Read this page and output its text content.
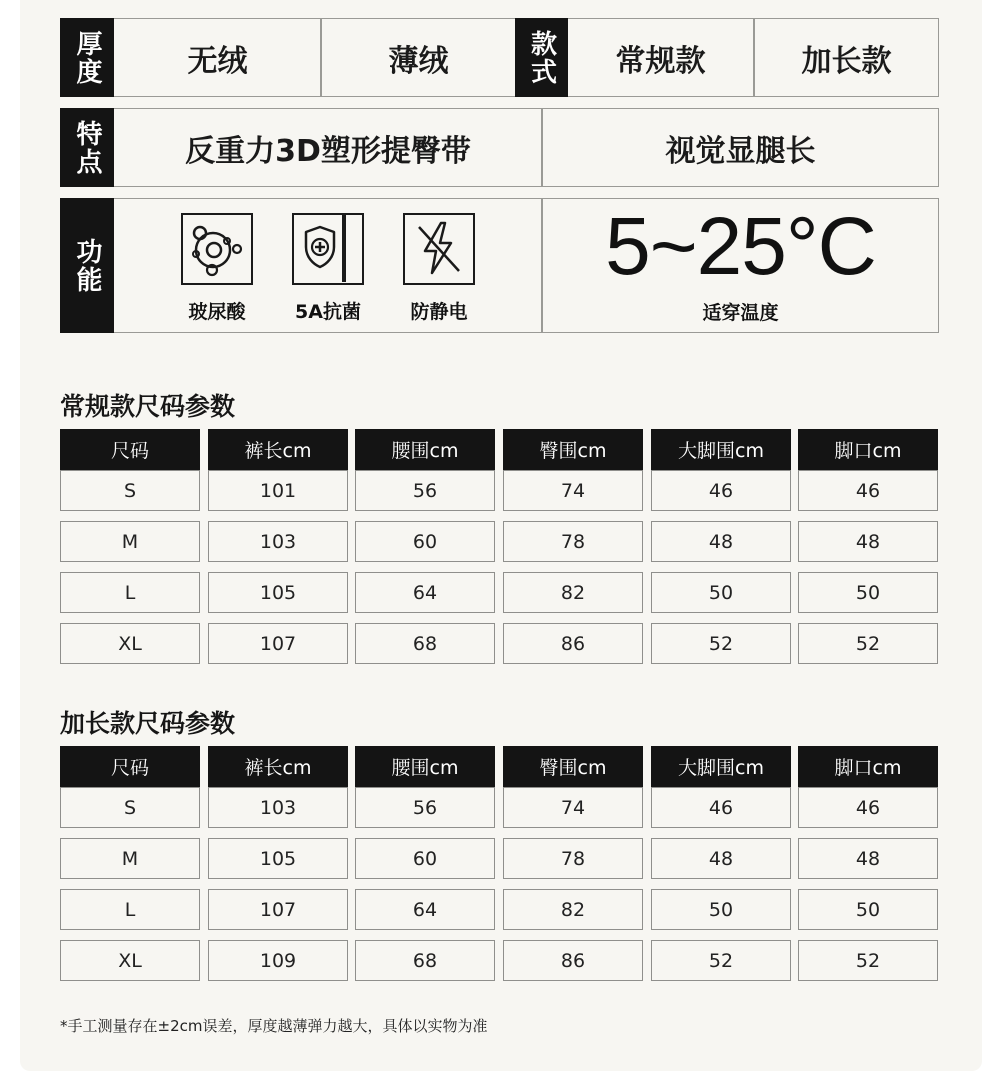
厚度	无绒	薄绒	款式	常规款	加长款
特点	反重力3D塑形提臀带	视觉显腿长
功能
玻尿酸	5A抗菌	防静电
5~25°C
适穿温度
常规款尺码参数
尺码	裤长cm	腰围cm	臀围cm	大脚围cm	脚口cm
S	101	56	74	46	46
M	103	60	78	48	48
L	105	64	82	50	50
XL	107	68	86	52	52
加长款尺码参数
尺码	裤长cm	腰围cm	臀围cm	大脚围cm	脚口cm
S	103	56	74	46	46
M	105	60	78	48	48
L	107	64	82	50	50
XL	109	68	86	52	52
*手工测量存在±2cm误差，厚度越薄弹力越大，具体以实物为准
